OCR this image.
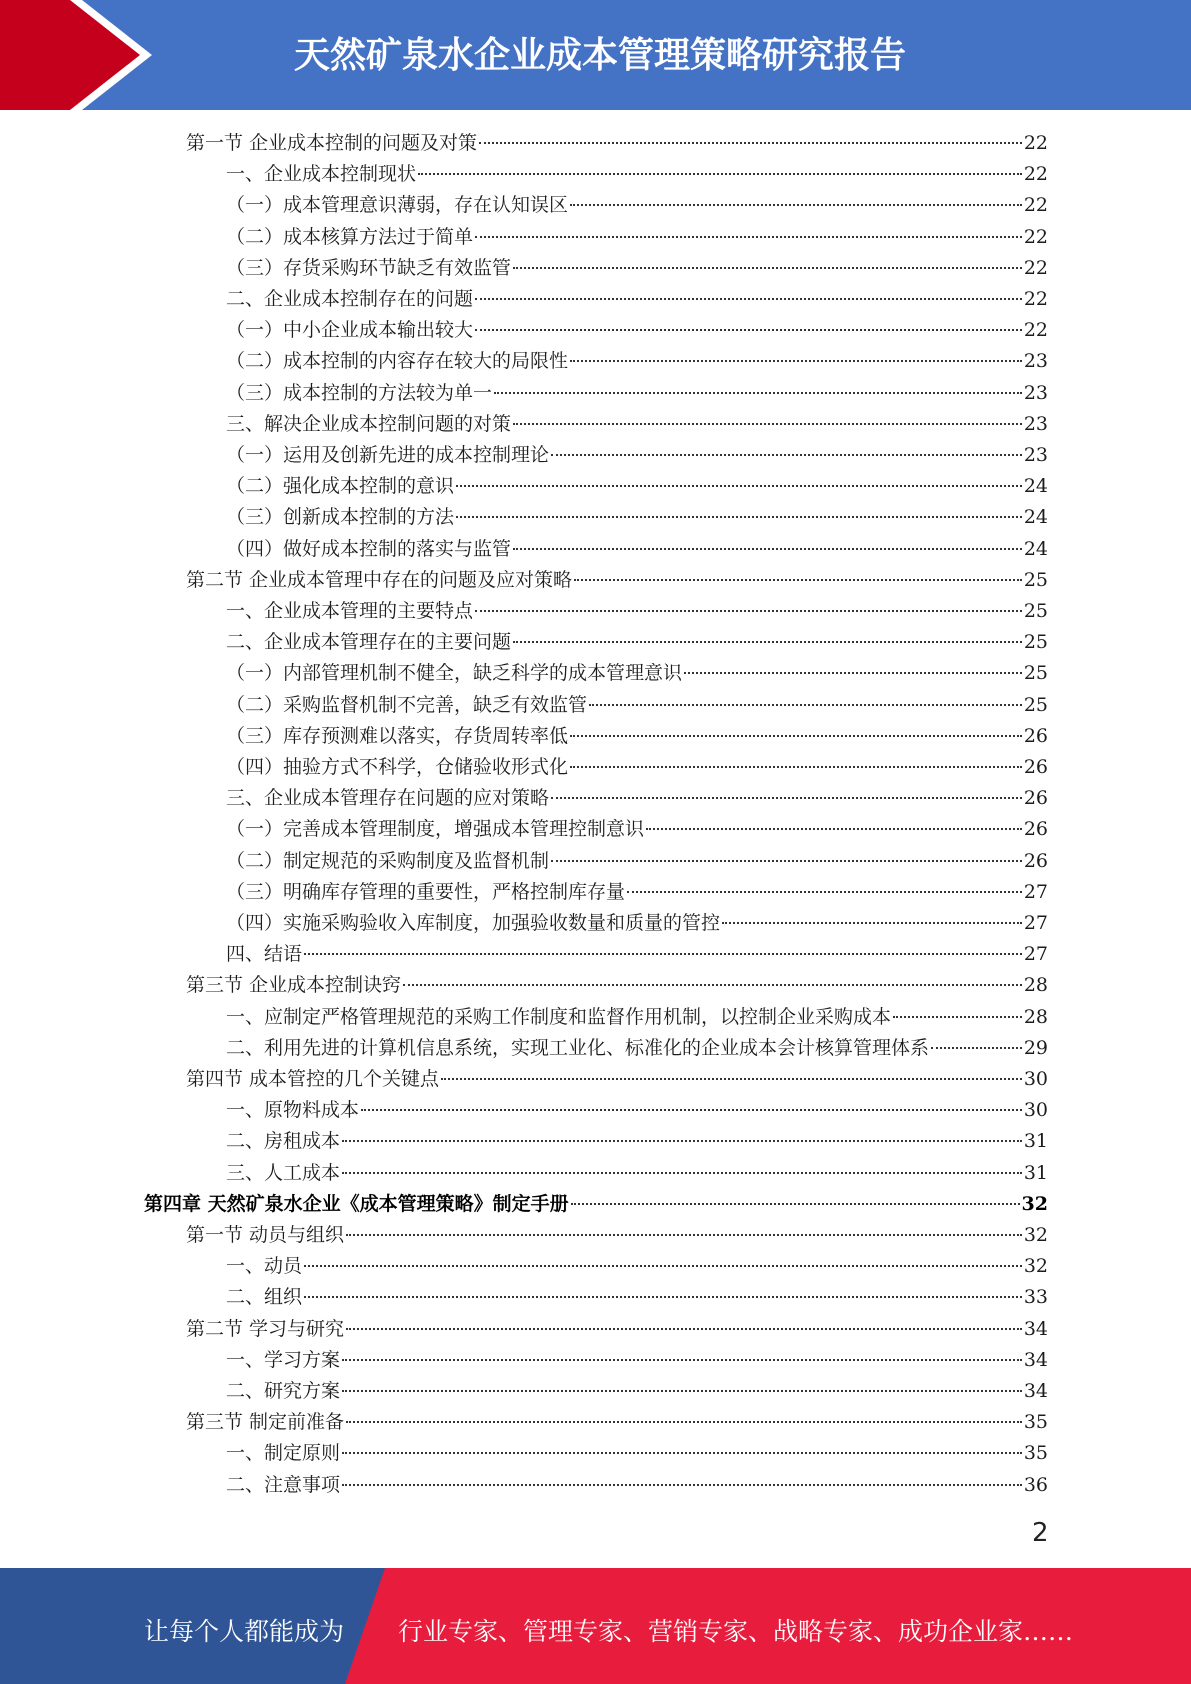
天然矿泉水企业成本管理策略研究报告
第一节 企业成本控制的问题及对策	22
一、企业成本控制现状	22
（一）成本管理意识薄弱，存在认知误区	22
（二）成本核算方法过于简单	22
（三）存货采购环节缺乏有效监管	22
二、企业成本控制存在的问题	22
（一）中小企业成本输出较大	22
（二）成本控制的内容存在较大的局限性	23
（三）成本控制的方法较为单一	23
三、解决企业成本控制问题的对策	23
（一）运用及创新先进的成本控制理论	23
（二）强化成本控制的意识	24
（三）创新成本控制的方法	24
（四）做好成本控制的落实与监管	24
第二节 企业成本管理中存在的问题及应对策略	25
一、企业成本管理的主要特点	25
二、企业成本管理存在的主要问题	25
（一）内部管理机制不健全，缺乏科学的成本管理意识	25
（二）采购监督机制不完善，缺乏有效监管	25
（三）库存预测难以落实，存货周转率低	26
（四）抽验方式不科学，仓储验收形式化	26
三、企业成本管理存在问题的应对策略	26
（一）完善成本管理制度，增强成本管理控制意识	26
（二）制定规范的采购制度及监督机制	26
（三）明确库存管理的重要性，严格控制库存量	27
（四）实施采购验收入库制度，加强验收数量和质量的管控	27
四、结语	27
第三节 企业成本控制诀窍	28
一、应制定严格管理规范的采购工作制度和监督作用机制，以控制企业采购成本	28
二、利用先进的计算机信息系统，实现工业化、标准化的企业成本会计核算管理体系	29
第四节 成本管控的几个关键点	30
一、原物料成本	30
二、房租成本	31
三、人工成本	31
第四章 天然矿泉水企业《成本管理策略》制定手册	32
第一节 动员与组织	32
一、动员	32
二、组织	33
第二节 学习与研究	34
一、学习方案	34
二、研究方案	34
第三节 制定前准备	35
一、制定原则	35
二、注意事项	36
2
让每个人都能成为 行业专家、管理专家、营销专家、战略专家、成功企业家……
